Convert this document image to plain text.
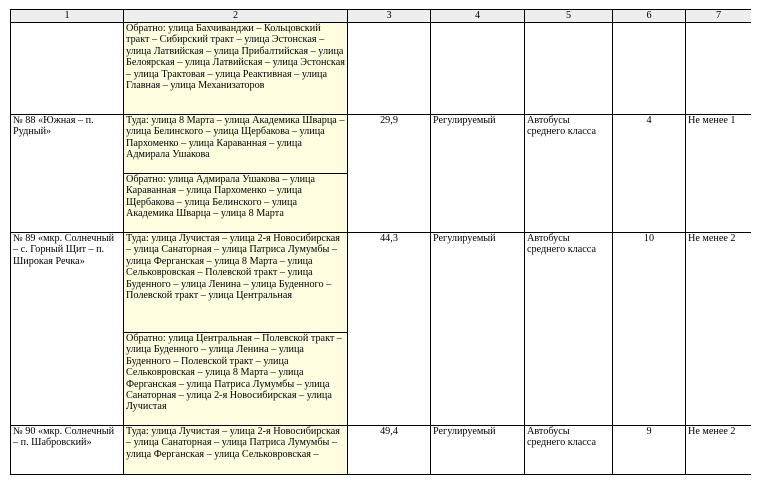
1	2	3	4	5	6	7
	Обратно: улица Бахчиванджи – Кольцовский тракт – Сибирский тракт – улица Эстонская – улица Латвийская – улица Прибалтийская – улица Белоярская – улица Латвийская – улица Эстонская – улица Трактовая – улица Реактивная – улица Главная – улица Механизаторов					
№ 88 «Южная – п. Рудный»	Туда: улица 8 Марта – улица Академика Шварца – улица Белинского – улица Щербакова – улица Пархоменко – улица Караванная – улица Адмирала Ушакова	29,9	Регулируемый	Автобусы среднего класса	4	Не менее 1
	Обратно: улица Адмирала Ушакова – улица Караванная – улица Пархоменко – улица Щербакова – улица Белинского – улица Академика Шварца – улица 8 Марта					
№ 89 «мкр. Солнечный – с. Горный Щит – п. Широкая Речка»	Туда: улица Лучистая – улица 2-я Новосибирская – улица Санаторная – улица Патриса Лумумбы – улица Ферганская – улица 8 Марта – улица Сельковровская – Полевской тракт – улица Буденного – улица Ленина – улица Буденного – Полевской тракт – улица Центральная	44,3	Регулируемый	Автобусы среднего класса	10	Не менее 2
	Обратно: улица Центральная – Полевской тракт – улица Буденного – улица Ленина – улица Буденного – Полевской тракт – улица Сельковровская – улица 8 Марта – улица Ферганская – улица Патриса Лумумбы – улица Санаторная – улица 2-я Новосибирская – улица Лучистая					
№ 90 «мкр. Солнечный – п. Шабровский»	Туда: улица Лучистая – улица 2-я Новосибирская – улица Санаторная – улица Патриса Лумумбы – улица Ферганская – улица Сельковровская –	49,4	Регулируемый	Автобусы среднего класса	9	Не менее 2
